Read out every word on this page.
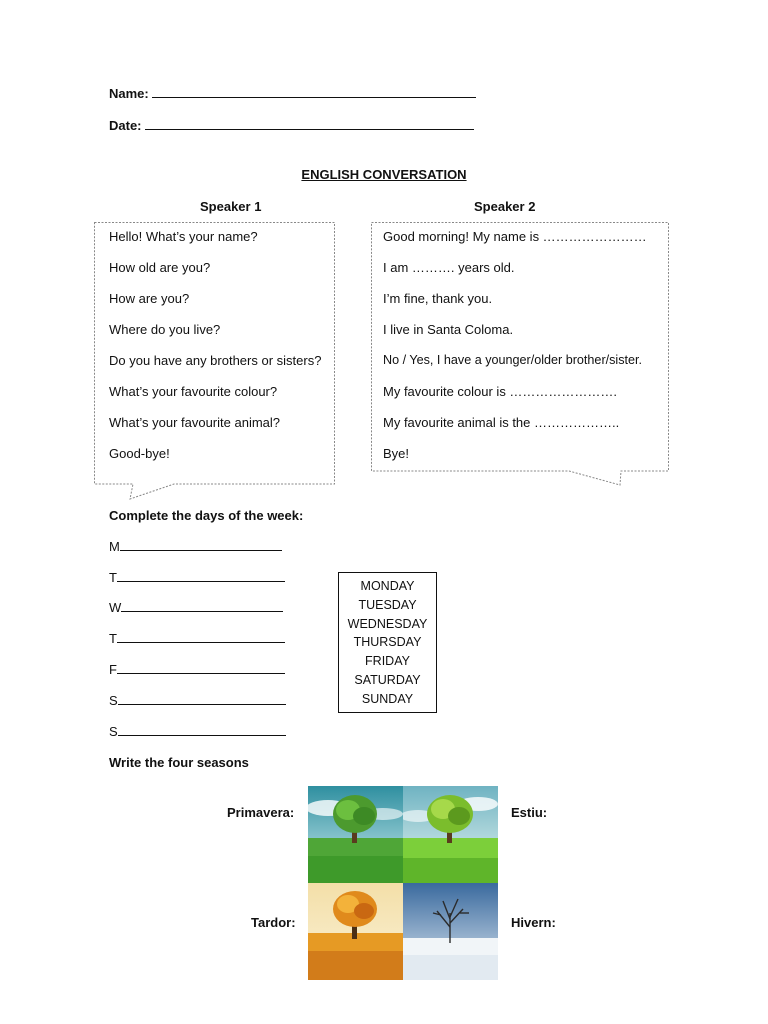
Name:
Date:
ENGLISH CONVERSATION
Speaker 1	Speaker 2
Hello! What’s your name?
How old are you?
How are you?
Where do you live?
Do you have any brothers or sisters?
What’s your favourite colour?
What’s your favourite animal?
Good-bye!
Good morning! My name is ……………………
I am ………. years old.
I’m fine, thank you.
I live in Santa Coloma.
No / Yes, I have a younger/older brother/sister.
My favourite colour is …………………….
My favourite animal is the ………………..
Bye!
Complete the days of the week:
M
T
W
T
F
S
S
MONDAY
TUESDAY
WEDNESDAY
THURSDAY
FRIDAY
SATURDAY
SUNDAY
Write the four seasons
Primavera:	Estiu:
Tardor:	Hivern:
